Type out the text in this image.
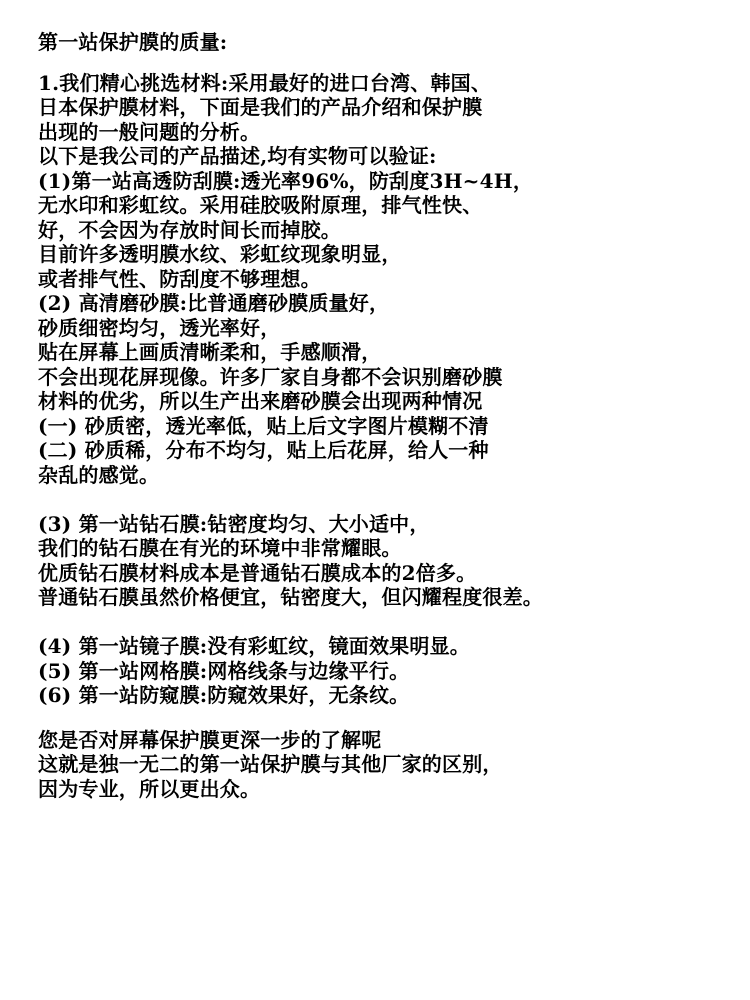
第一站保护膜的质量:
1.我们精心挑选材料:采用最好的进口台湾、韩国、
日本保护膜材料，下面是我们的产品介绍和保护膜
出现的一般问题的分析。
以下是我公司的产品描述,均有实物可以验证:
(1)第一站高透防刮膜:透光率96%，防刮度3H~4H，
无水印和彩虹纹。采用硅胶吸附原理，排气性快、
好，不会因为存放时间长而掉胶。
目前许多透明膜水纹、彩虹纹现象明显，
或者排气性、防刮度不够理想。
(2) 高清磨砂膜:比普通磨砂膜质量好，
砂质细密均匀，透光率好，
贴在屏幕上画质清晰柔和，手感顺滑，
不会出现花屏现像。许多厂家自身都不会识别磨砂膜
材料的优劣，所以生产出来磨砂膜会出现两种情况
(一) 砂质密，透光率低，贴上后文字图片模糊不清
(二) 砂质稀，分布不均匀，贴上后花屏，给人一种
杂乱的感觉。
(3) 第一站钻石膜:钻密度均匀、大小适中，
我们的钻石膜在有光的环境中非常耀眼。
优质钻石膜材料成本是普通钻石膜成本的2倍多。
普通钻石膜虽然价格便宜，钻密度大，但闪耀程度很差。
(4) 第一站镜子膜:没有彩虹纹，镜面效果明显。
(5) 第一站网格膜:网格线条与边缘平行。
(6) 第一站防窥膜:防窥效果好，无条纹。
您是否对屏幕保护膜更深一步的了解呢
这就是独一无二的第一站保护膜与其他厂家的区别，
因为专业，所以更出众。
